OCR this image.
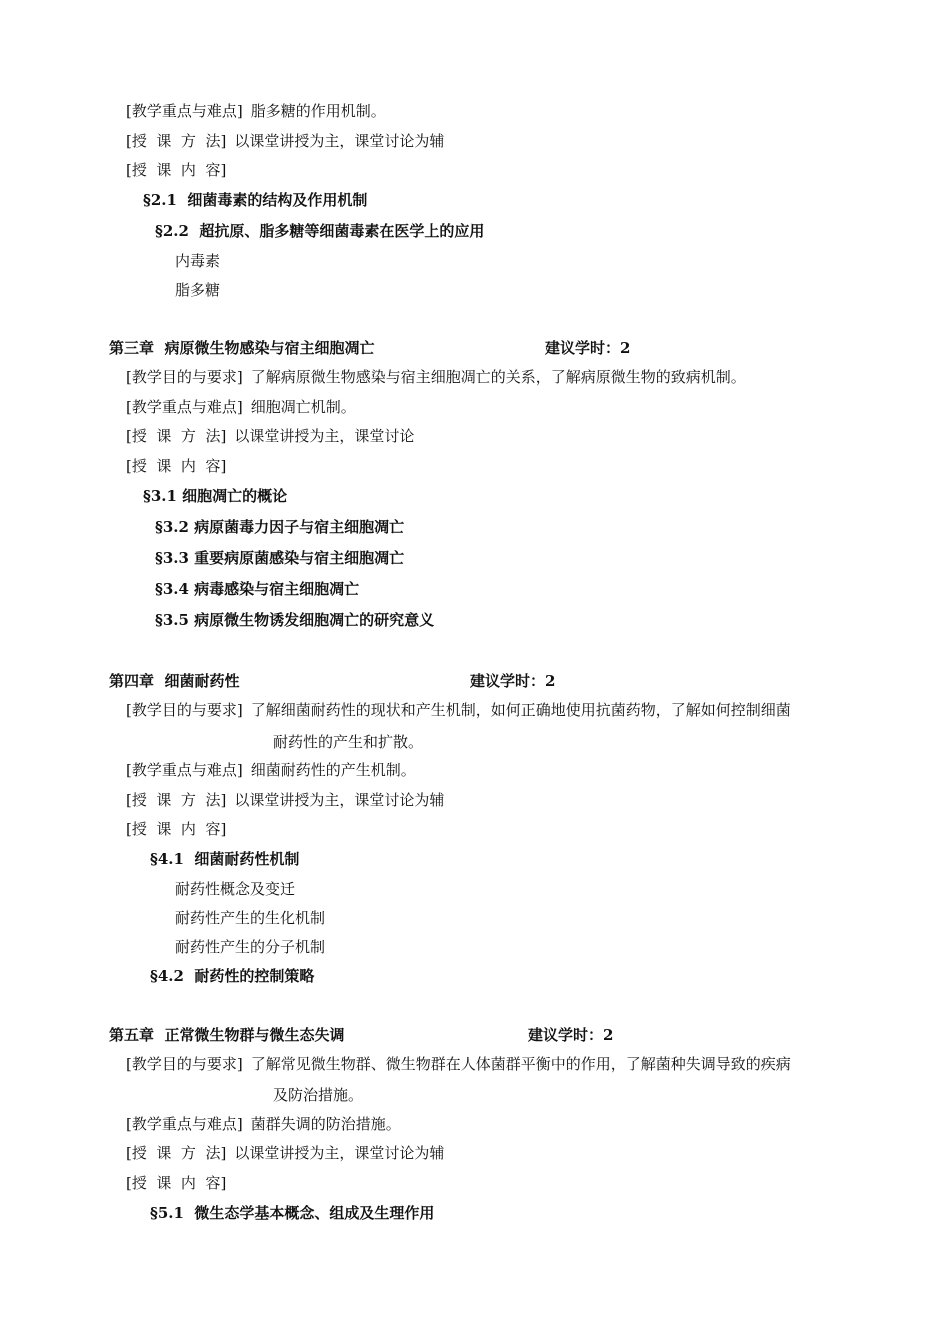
[教学重点与难点] 脂多糖的作用机制。
[授  课  方  法] 以课堂讲授为主，课堂讨论为辅
[授  课  内  容]
§2.1  细菌毒素的结构及作用机制
§2.2  超抗原、脂多糖等细菌毒素在医学上的应用
内毒素
脂多糖
第三章  病原微生物感染与宿主细胞凋亡	建议学时：2
[教学目的与要求] 了解病原微生物感染与宿主细胞凋亡的关系，了解病原微生物的致病机制。
[教学重点与难点] 细胞凋亡机制。
[授  课  方  法] 以课堂讲授为主，课堂讨论
[授  课  内  容]
§3.1 细胞凋亡的概论
§3.2 病原菌毒力因子与宿主细胞凋亡
§3.3 重要病原菌感染与宿主细胞凋亡
§3.4 病毒感染与宿主细胞凋亡
§3.5 病原微生物诱发细胞凋亡的研究意义
第四章  细菌耐药性	建议学时：2
[教学目的与要求] 了解细菌耐药性的现状和产生机制，如何正确地使用抗菌药物，了解如何控制细菌
耐药性的产生和扩散。
[教学重点与难点] 细菌耐药性的产生机制。
[授  课  方  法] 以课堂讲授为主，课堂讨论为辅
[授  课  内  容]
§4.1  细菌耐药性机制
耐药性概念及变迁
耐药性产生的生化机制
耐药性产生的分子机制
§4.2  耐药性的控制策略
第五章  正常微生物群与微生态失调	建议学时：2
[教学目的与要求] 了解常见微生物群、微生物群在人体菌群平衡中的作用，了解菌种失调导致的疾病
及防治措施。
[教学重点与难点] 菌群失调的防治措施。
[授  课  方  法] 以课堂讲授为主，课堂讨论为辅
[授  课  内  容]
§5.1  微生态学基本概念、组成及生理作用
